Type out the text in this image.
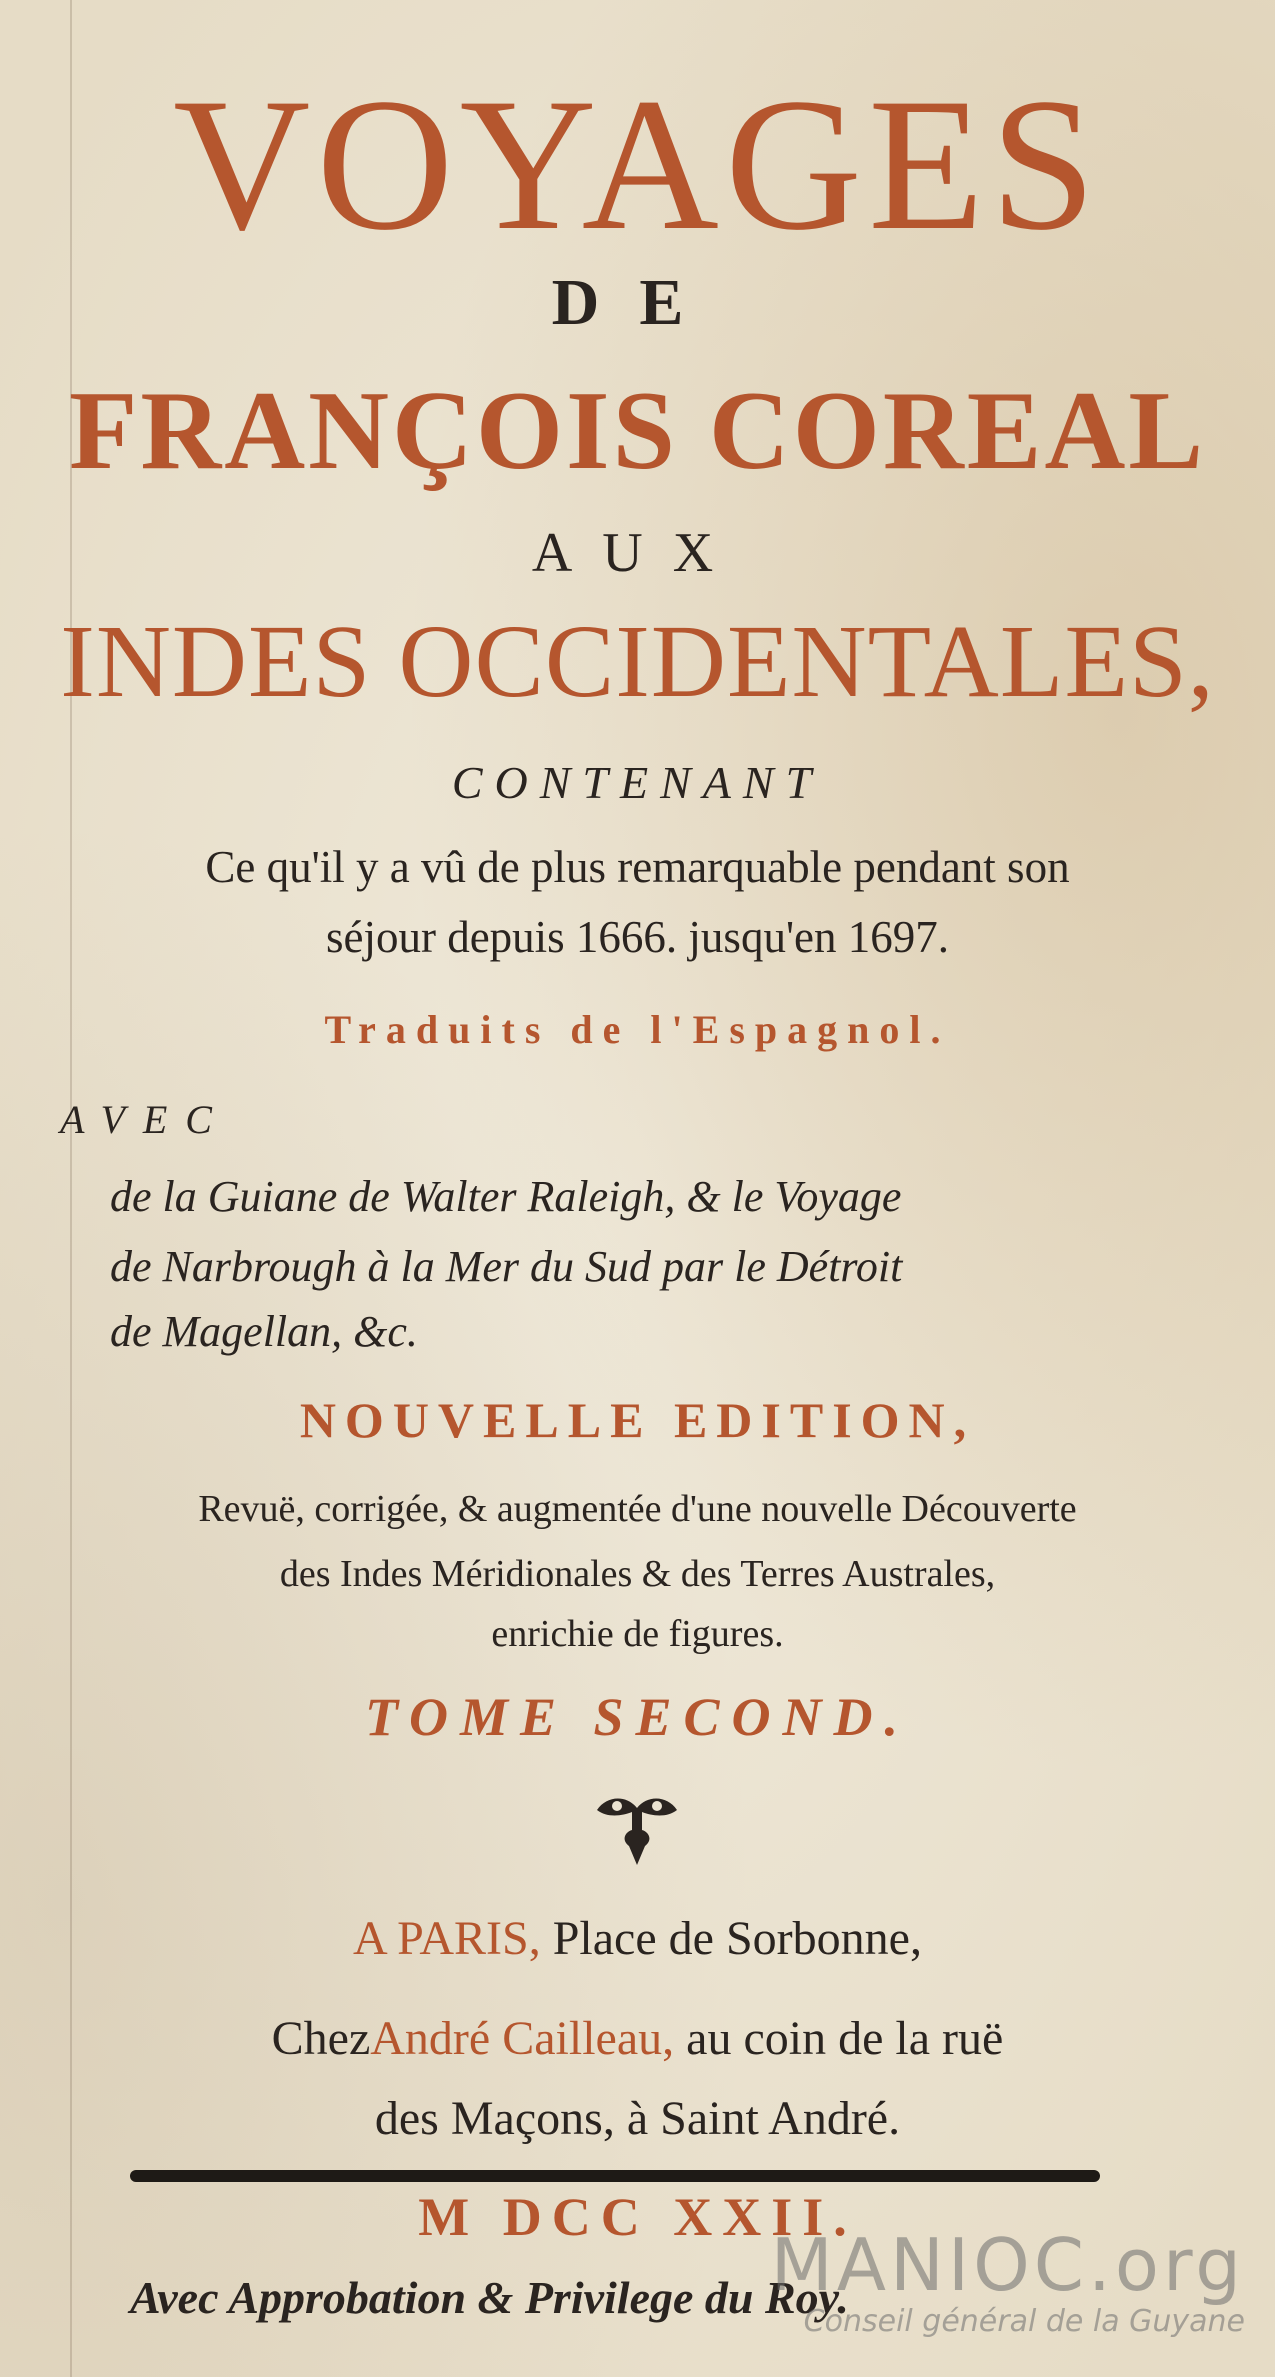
VOYAGES
DE
FRANÇOIS COREAL
AUX
INDES OCCIDENTALES,
CONTENANT
Ce qu'il y a vû de plus remarquable pendant son
séjour depuis 1666. jusqu'en 1697.
Traduits de l'Espagnol.
AVEC
de la Guiane de Walter Raleigh, & le Voyage
de Narbrough à la Mer du Sud par le Détroit
de Magellan, &c.
NOUVELLE EDITION,
Revuë, corrigée, & augmentée d'une nouvelle Découverte
des Indes Méridionales & des Terres Australes,
enrichie de figures.
TOME SECOND.
A PARIS, Place de Sorbonne,
ChezAndré Cailleau, au coin de la ruë
des Maçons, à Saint André.
M DCC XXII.
Avec Approbation & Privilege du Roy.
MANIOC.org
Conseil général de la Guyane
